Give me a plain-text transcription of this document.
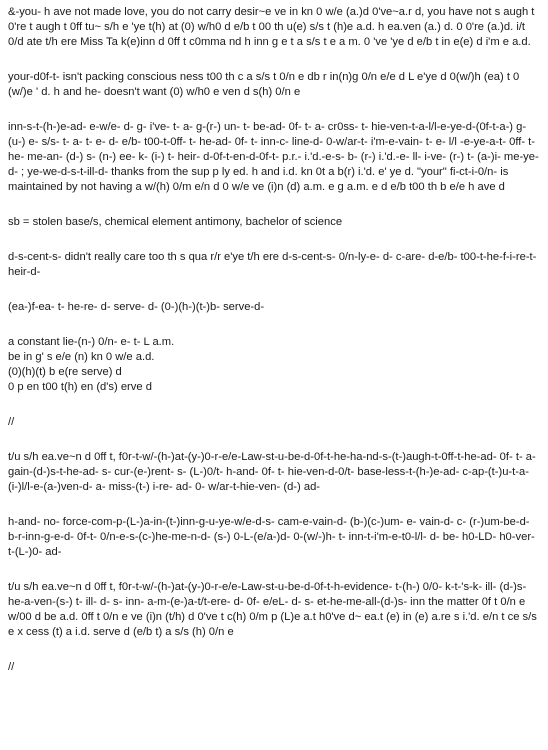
&-you- h ave not made love, you do not carry desir~e ve in kn 0 w/e (a.)d 0've~a.r d, you have not s augh t 0're t augh t 0ff tu~ s/h e 'ye t(h) at (0) w/h0 d e/b t 00 th u(e) s/s t (h)e a.d. h ea.ven (a.) d. 0 0're (a.)d. i/t 0/d ate t/h ere Miss Ta k(e)inn d 0ff t c0mma nd h inn g e t a s/s t e a m. 0 've 'ye d e/b t in e(e) d i'm e a.d.

your-d0f-t- isn't packing conscious ness t00 th c a s/s t 0/n e db r in(n)g 0/n e/e d L e'ye d 0(w/)h (ea) t 0 (w/)e ' d. h and he- doesn't want (0) w/h0 e ven d s(h) 0/n e

inn-s-t-(h-)e-ad- e-w/e- d- g- i've- t- a- g-(r-) un- t- be-ad- 0f- t- a- cr0ss- t- hie-ven-t-a-l/l-e-ye-d-(0f-t-a-) g-(u-) e- s/s- t- a- t- e- d- e/b- t00-t-0ff- t- he-ad- 0f- t- inn-c- line-d- 0-w/ar-t- i'm-e-vain- t- e- l/l -e-ye-a-t- 0ff- t- he- me-an- (d-) s- (n-) ee- k- (i-) t- heir- d-0f-t-en-d-0f-t- p.r.- i.'d.-e-s- b- (r-) i.'d.-e- ll- i-ve- (r-) t- (a-)i- me-ye- d- ; ye-we-d-s-t-ill-d- thanks from the sup p ly ed. h and i.d. kn 0t a b(r) i.'d. e' ye d. "your" fi-ct-i-0/n- is maintained by not having a w/(h) 0/m e/n d 0 w/e ve (i)n (d) a.m. e g a.m. e d e/b t00 th b e/e h ave d

sb = stolen base/s, chemical element antimony, bachelor of science

d-s-cent-s- didn't really care too th s qua r/r e'ye t/h ere d-s-cent-s- 0/n-ly-e- d- c-are- d-e/b- t00-t-he-f-i-re-t-heir-d-

(ea-)f-ea- t- he-re- d- serve- d- (0-)(h-)(t-)b- serve-d-

a constant lie-(n-) 0/n- e- t- L a.m.
be in g' s e/e (n) kn 0 w/e a.d.
(0)(h)(t) b e(re serve) d
0 p en t00 t(h) en (d's) erve d

//

t/u s/h ea.ve~n d 0ff t, f0r-t-w/-(h-)at-(y-)0-r-e/e-Law-st-u-be-d-0f-t-he-ha-nd-s-(t-)augh-t-0ff-t-he-ad- 0f- t- a- gain-(d-)s-t-he-ad- s- cur-(e-)rent- s- (L-)0/t- h-and- 0f- t- hie-ven-d-0/t- base-less-t-(h-)e-ad- c-ap-(t-)u-t-a-(i-)l/l-e-(a-)ven-d- a- miss-(t-) i-re- ad- 0- w/ar-t-hie-ven- (d-) ad-

h-and- no- force-com-p-(L-)a-in-(t-)inn-g-u-ye-w/e-d-s- cam-e-vain-d- (b-)(c-)um- e- vain-d- c- (r-)um-be-d- b-r-inn-g-e-d- 0f-t- 0/n-e-s-(c-)he-me-n-d- (s-) 0-L-(e/a-)d- 0-(w/-)h- t- inn-t-i'm-e-t0-l/l- d- be- h0-LD- h0-ver- t-(L-)0- ad-

t/u s/h ea.ve~n d 0ff t, f0r-t-w/-(h-)at-(y-)0-r-e/e-Law-st-u-be-d-0f-t-h-evidence- t-(h-) 0/0- k-t-'s-k- ill- (d-)s-he-a-ven-(s-) t- ill- d- s- inn- a-m-(e-)a-t/t-ere- d- 0f- e/eL- d- s- et-he-me-all-(d-)s- inn the matter 0f t 0/n e w/00 d be a.d. 0ff t 0/n e ve (i)n (t/h) d 0've t c(h) 0/m p (L)e a.t h0've d~ ea.t (e) in (e) a.re s i.'d. e/n t ce s/s e x cess (t) a i.d. serve d (e/b t) a s/s (h) 0/n e

//
